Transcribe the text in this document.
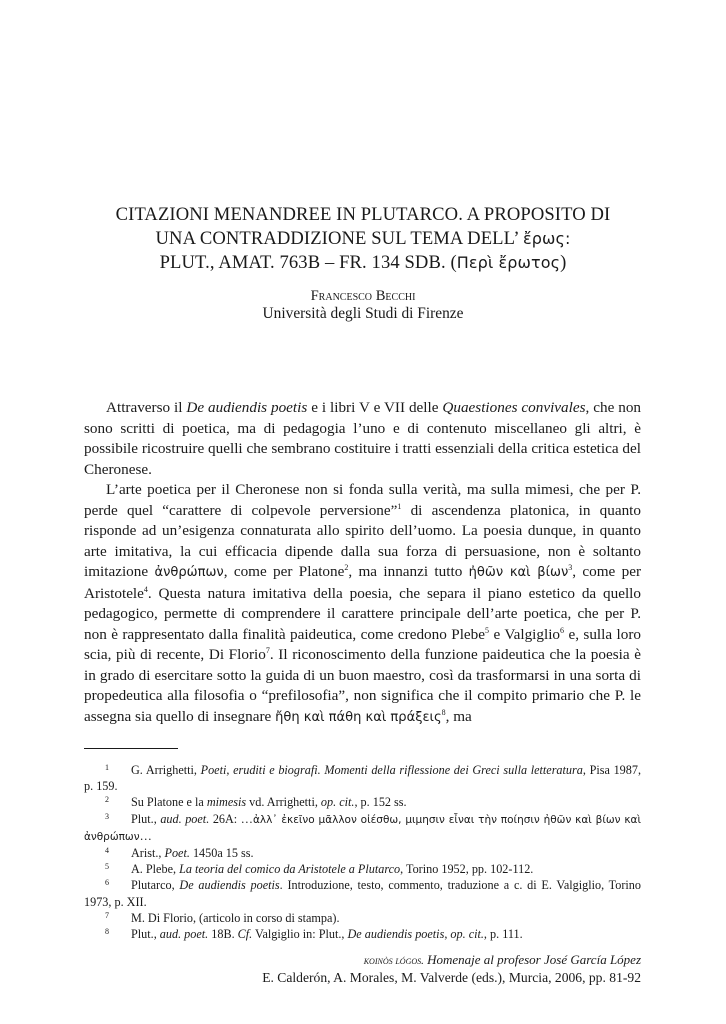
CITAZIONI MENANDREE IN PLUTARCO. A PROPOSITO DI
UNA CONTRADDIZIONE SUL TEMA DELL’ ἔρως:
PLUT., AMAT. 763B – FR. 134 SDB. (Περὶ ἔρωτος)
Francesco Becchi
Università degli Studi di Firenze

Attraverso il De audiendis poetis e i libri V e VII delle Quaestiones convivales, che non sono scritti di poetica, ma di pedagogia l’uno e di contenuto miscellaneo gli altri, è possibile ricostruire quelli che sembrano costituire i tratti essenziali della critica estetica del Cheronese.

L’arte poetica per il Cheronese non si fonda sulla verità, ma sulla mimesi, che per P. perde quel “carattere di colpevole perversione”$^1$ di ascendenza platonica, in quanto risponde ad un’esigenza connaturata allo spirito dell’uomo. La poesia dunque, in quanto arte imitativa, la cui efficacia dipende dalla sua forza di persuasione, non è soltanto imitazione ἀνθρώπων, come per Platone$^2$, ma innanzi tutto ἠθῶν καὶ βίων$^3$, come per Aristotele$^4$. Questa natura imitativa della poesia, che separa il piano estetico da quello pedagogico, permette di comprendere il carattere principale dell’arte poetica, che per P. non è rappresentato dalla finalità paideutica, come credono Plebe$^5$ e Valgiglio$^6$ e, sulla loro scia, più di recente, Di Florio$^7$. Il riconoscimento della funzione paideutica che la poesia è in grado di esercitare sotto la guida di un buon maestro, così da trasformarsi in una sorta di propedeutica alla filosofia o “prefilosofia”, non significa che il compito primario che P. le assegna sia quello di insegnare ἤθη καὶ πάθη καὶ πράξεις$^8$, ma

1 G. Arrighetti, Poeti, eruditi e biografi. Momenti della riflessione dei Greci sulla letteratura, Pisa 1987, p. 159.

2 Su Platone e la mimesis vd. Arrighetti, op. cit., p. 152 ss.

3 Plut., aud. poet. 26A: …ἀλλ᾽ ἐκεῖνο μᾶλλον οἰέσθω, μιμησιν εἶναι τὴν ποίησιν ἠθῶν καὶ βίων καὶ ἀνθρώπων…

4 Arist., Poet. 1450a 15 ss.

5 A. Plebe, La teoria del comico da Aristotele a Plutarco, Torino 1952, pp. 102-112.

6 Plutarco, De audiendis poetis. Introduzione, testo, commento, traduzione a c. di E. Valgiglio, Torino 1973, p. XII.

7 M. Di Florio, (articolo in corso di stampa).

8 Plut., aud. poet. 18B. Cf. Valgiglio in: Plut., De audiendis poetis, op. cit., p. 111.

koinòs lógos. Homenaje al profesor José García López
E. Calderón, A. Morales, M. Valverde (eds.), Murcia, 2006, pp. 81-92
